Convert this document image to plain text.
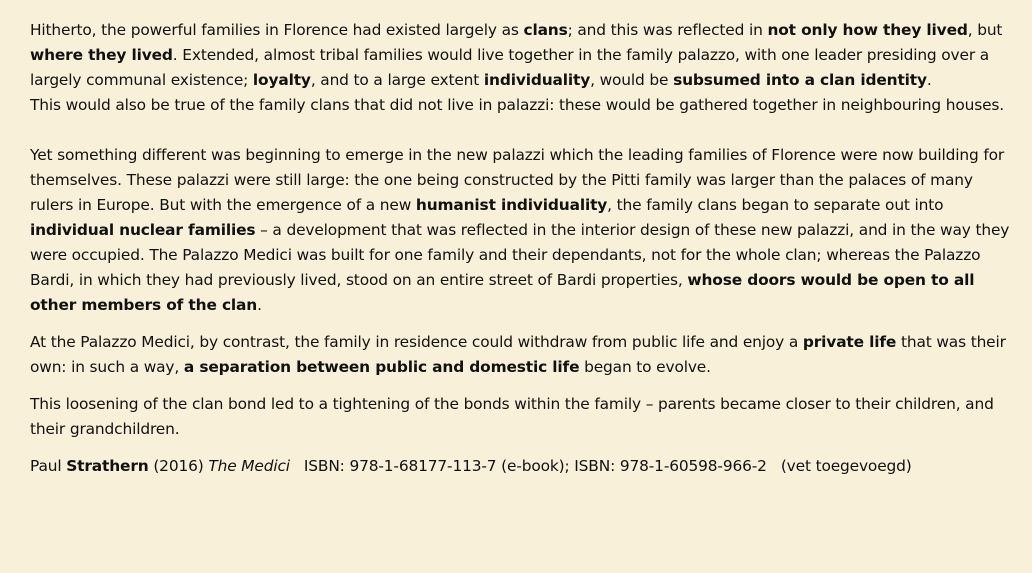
Hitherto, the powerful families in Florence had existed largely as clans; and this was reflected in not only how they lived, but where they lived. Extended, almost tribal families would live together in the family palazzo, with one leader presiding over a largely communal existence; loyalty, and to a large extent individuality, would be subsumed into a clan identity.

This would also be true of the family clans that did not live in palazzi: these would be gathered together in neighbouring houses.

Yet something different was beginning to emerge in the new palazzi which the leading families of Florence were now building for themselves. These palazzi were still large: the one being constructed by the Pitti family was larger than the palaces of many rulers in Europe. But with the emergence of a new humanist individuality, the family clans began to separate out into individual nuclear families – a development that was reflected in the interior design of these new palazzi, and in the way they were occupied. The Palazzo Medici was built for one family and their dependants, not for the whole clan; whereas the Palazzo Bardi, in which they had previously lived, stood on an entire street of Bardi properties, whose doors would be open to all other members of the clan.

At the Palazzo Medici, by contrast, the family in residence could withdraw from public life and enjoy a private life that was their own: in such a way, a separation between public and domestic life began to evolve.

This loosening of the clan bond led to a tightening of the bonds within the family – parents became closer to their children, and their grandchildren.

Paul Strathern (2016) The Medici ISBN: 978-1-68177-113-7 (e-book); ISBN: 978-1-60598-966-2 (vet toegevoegd)
